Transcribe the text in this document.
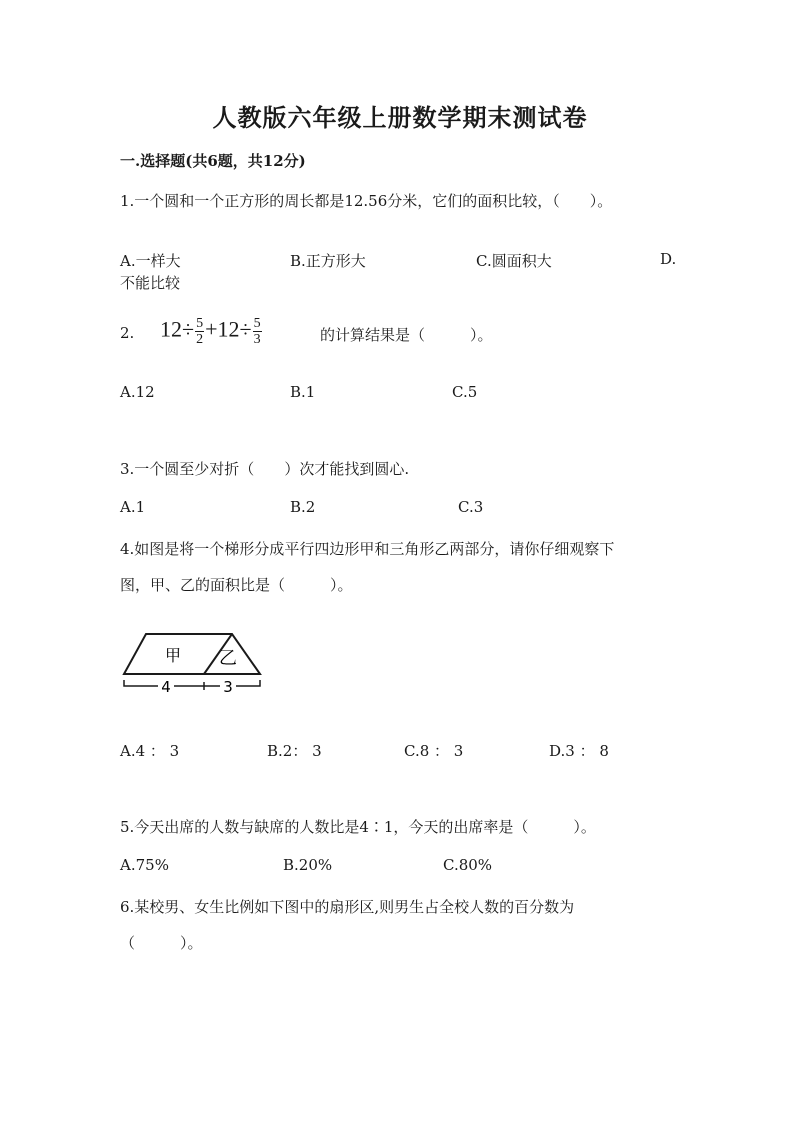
人教版六年级上册数学期末测试卷
一.选择题(共6题，共12分)
1.一个圆和一个正方形的周长都是12.56分米，它们的面积比较，（　　）。
A.一样大	B.正方形大	C.圆面积大	D.
不能比较
2. $12\div \frac{5}{2} +12\div \frac{5}{3}$	的计算结果是（　　　）。
A.12	B.1	C.5
3.一个圆至少对折（　　）次才能找到圆心.
A.1	B.2	C.3
4.如图是将一个梯形分成平行四边形甲和三角形乙两部分，请你仔细观察下
图，甲、乙的面积比是（　　　）。
甲 乙
4	3
A.4 ： 3	B.2： 3	C.8 ： 3	D.3 ： 8
5.今天出席的人数与缺席的人数比是4∶1，今天的出席率是（　　　）。
A.75%	B.20%	C.80%
6.某校男、女生比例如下图中的扇形区,则男生占全校人数的百分数为
（　　　）。
